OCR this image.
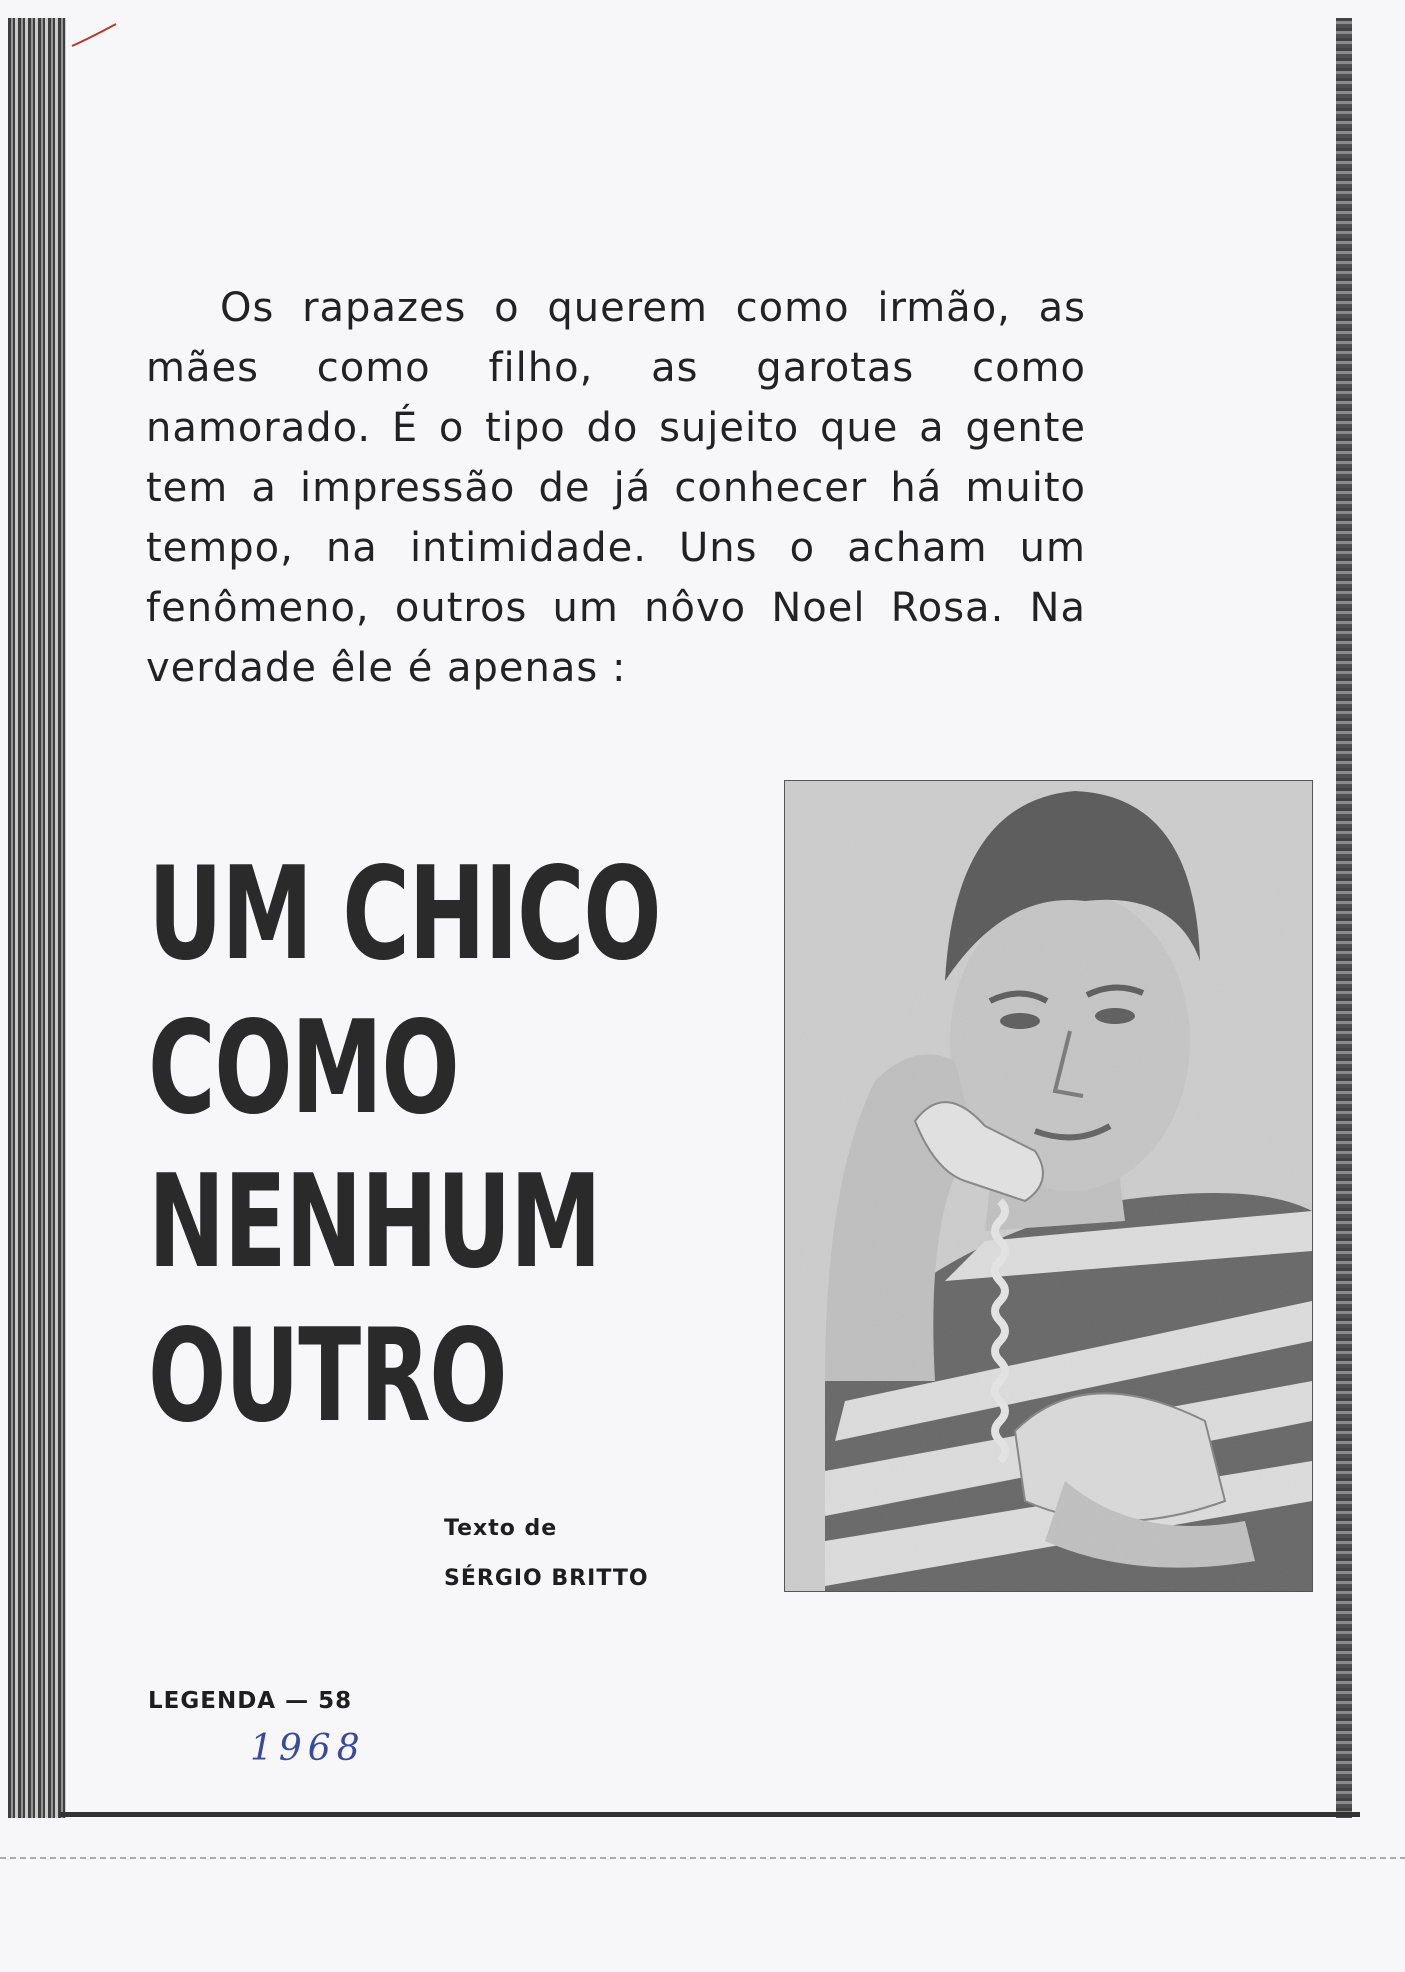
Os rapazes o querem como irmão, as mães como filho, as garotas como namorado. É o tipo do sujeito que a gente tem a impressão de já conhecer há muito tempo, na intimidade. Uns o acham um fenômeno, outros um nôvo Noel Rosa. Na verdade êle é apenas :

UM CHICO
COMO
NENHUM
OUTRO
Texto de
SÉRGIO BRITTO
LEGENDA — 58
1968
